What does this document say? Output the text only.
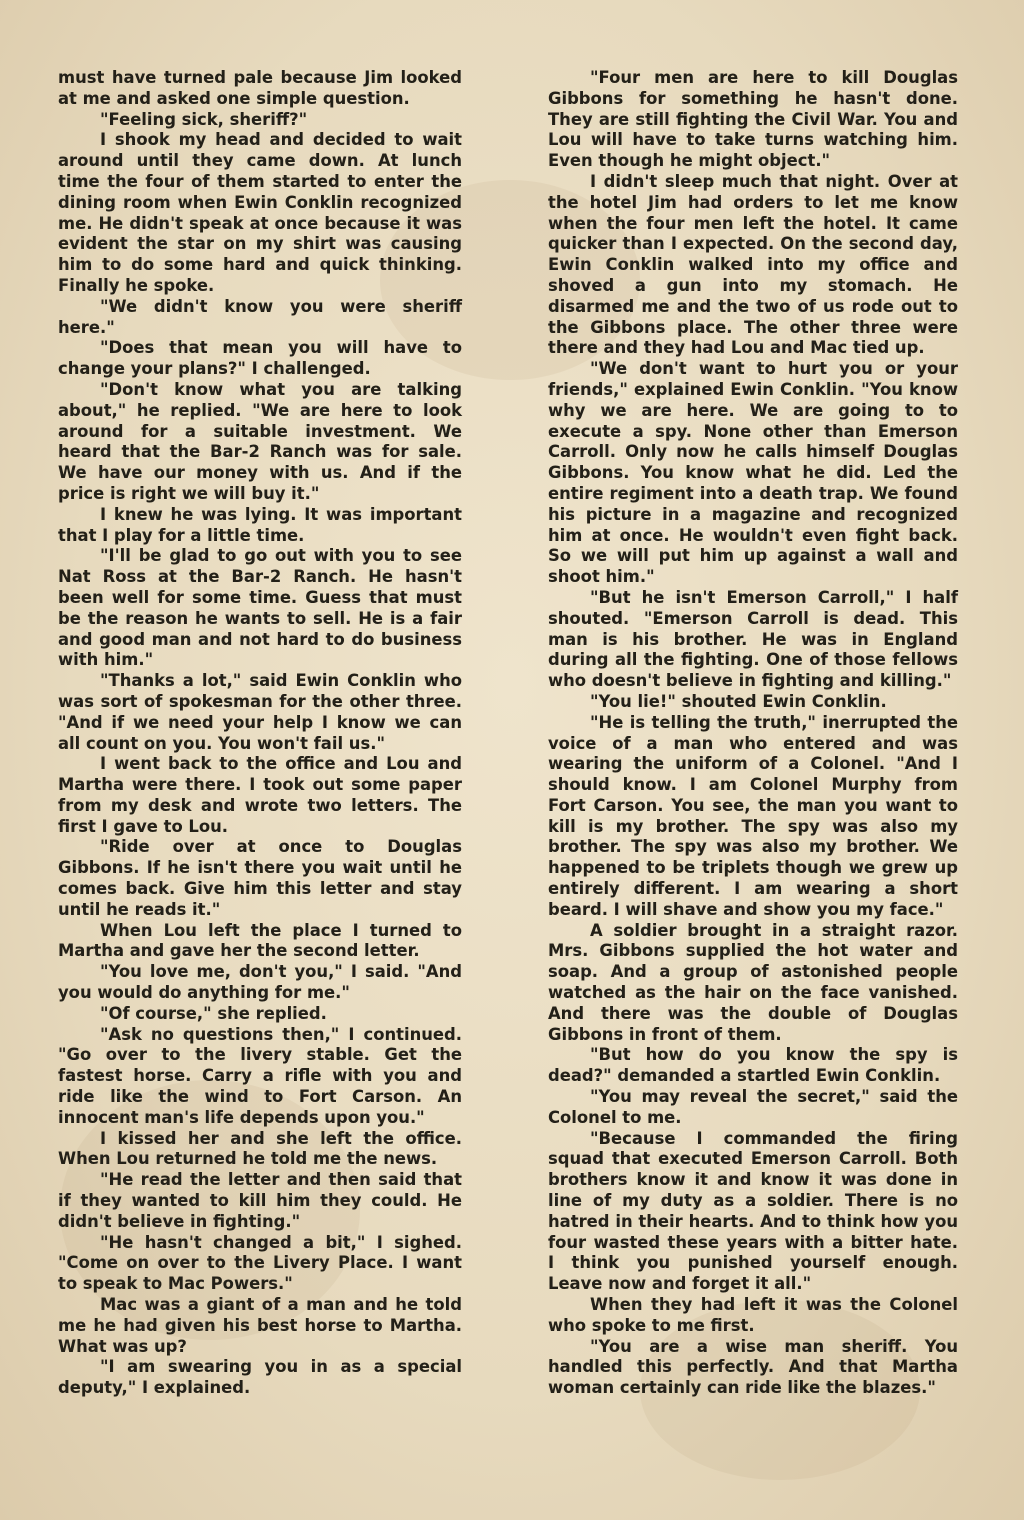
must have turned pale because Jim looked at me and asked one simple question.

"Feeling sick, sheriff?"

I shook my head and decided to wait around until they came down. At lunch time the four of them started to enter the dining room when Ewin Conklin recognized me. He didn't speak at once because it was evident the star on my shirt was causing him to do some hard and quick thinking. Finally he spoke.

"We didn't know you were sheriff here."

"Does that mean you will have to change your plans?" I challenged.

"Don't know what you are talking about," he replied. "We are here to look around for a suitable investment. We heard that the Bar-2 Ranch was for sale. We have our money with us. And if the price is right we will buy it."

I knew he was lying. It was important that I play for a little time.

"I'll be glad to go out with you to see Nat Ross at the Bar-2 Ranch. He hasn't been well for some time. Guess that must be the reason he wants to sell. He is a fair and good man and not hard to do business with him."

"Thanks a lot," said Ewin Conklin who was sort of spokesman for the other three. "And if we need your help I know we can all count on you. You won't fail us."

I went back to the office and Lou and Martha were there. I took out some paper from my desk and wrote two letters. The first I gave to Lou.

"Ride over at once to Douglas Gibbons. If he isn't there you wait until he comes back. Give him this letter and stay until he reads it."

When Lou left the place I turned to Martha and gave her the second letter.

"You love me, don't you," I said. "And you would do anything for me."

"Of course," she replied.

"Ask no questions then," I continued. "Go over to the livery stable. Get the fastest horse. Carry a rifle with you and ride like the wind to Fort Carson. An innocent man's life depends upon you."

I kissed her and she left the office. When Lou returned he told me the news.

"He read the letter and then said that if they wanted to kill him they could. He didn't believe in fighting."

"He hasn't changed a bit," I sighed. "Come on over to the Livery Place. I want to speak to Mac Powers."

Mac was a giant of a man and he told me he had given his best horse to Martha. What was up?

"I am swearing you in as a special deputy," I explained.

"Four men are here to kill Douglas Gibbons for something he hasn't done. They are still fighting the Civil War. You and Lou will have to take turns watching him. Even though he might object."

I didn't sleep much that night. Over at the hotel Jim had orders to let me know when the four men left the hotel. It came quicker than I expected. On the second day, Ewin Conklin walked into my office and shoved a gun into my stomach. He disarmed me and the two of us rode out to the Gibbons place. The other three were there and they had Lou and Mac tied up.

"We don't want to hurt you or your friends," explained Ewin Conklin. "You know why we are here. We are going to to execute a spy. None other than Emerson Carroll. Only now he calls himself Douglas Gibbons. You know what he did. Led the entire regiment into a death trap. We found his picture in a magazine and recognized him at once. He wouldn't even fight back. So we will put him up against a wall and shoot him."

"But he isn't Emerson Carroll," I half shouted. "Emerson Carroll is dead. This man is his brother. He was in England during all the fighting. One of those fellows who doesn't believe in fighting and killing."

"You lie!" shouted Ewin Conklin.

"He is telling the truth," inerrupted the voice of a man who entered and was wearing the uniform of a Colonel. "And I should know. I am Colonel Murphy from Fort Carson. You see, the man you want to kill is my brother. The spy was also my brother. The spy was also my brother. We happened to be triplets though we grew up entirely different. I am wearing a short beard. I will shave and show you my face."

A soldier brought in a straight razor. Mrs. Gibbons supplied the hot water and soap. And a group of astonished people watched as the hair on the face vanished. And there was the double of Douglas Gibbons in front of them.

"But how do you know the spy is dead?" demanded a startled Ewin Conklin.

"You may reveal the secret," said the Colonel to me.

"Because I commanded the firing squad that executed Emerson Carroll. Both brothers know it and know it was done in line of my duty as a soldier. There is no hatred in their hearts. And to think how you four wasted these years with a bitter hate. I think you punished yourself enough. Leave now and forget it all."

When they had left it was the Colonel who spoke to me first.

"You are a wise man sheriff. You handled this perfectly. And that Martha woman certainly can ride like the blazes."
